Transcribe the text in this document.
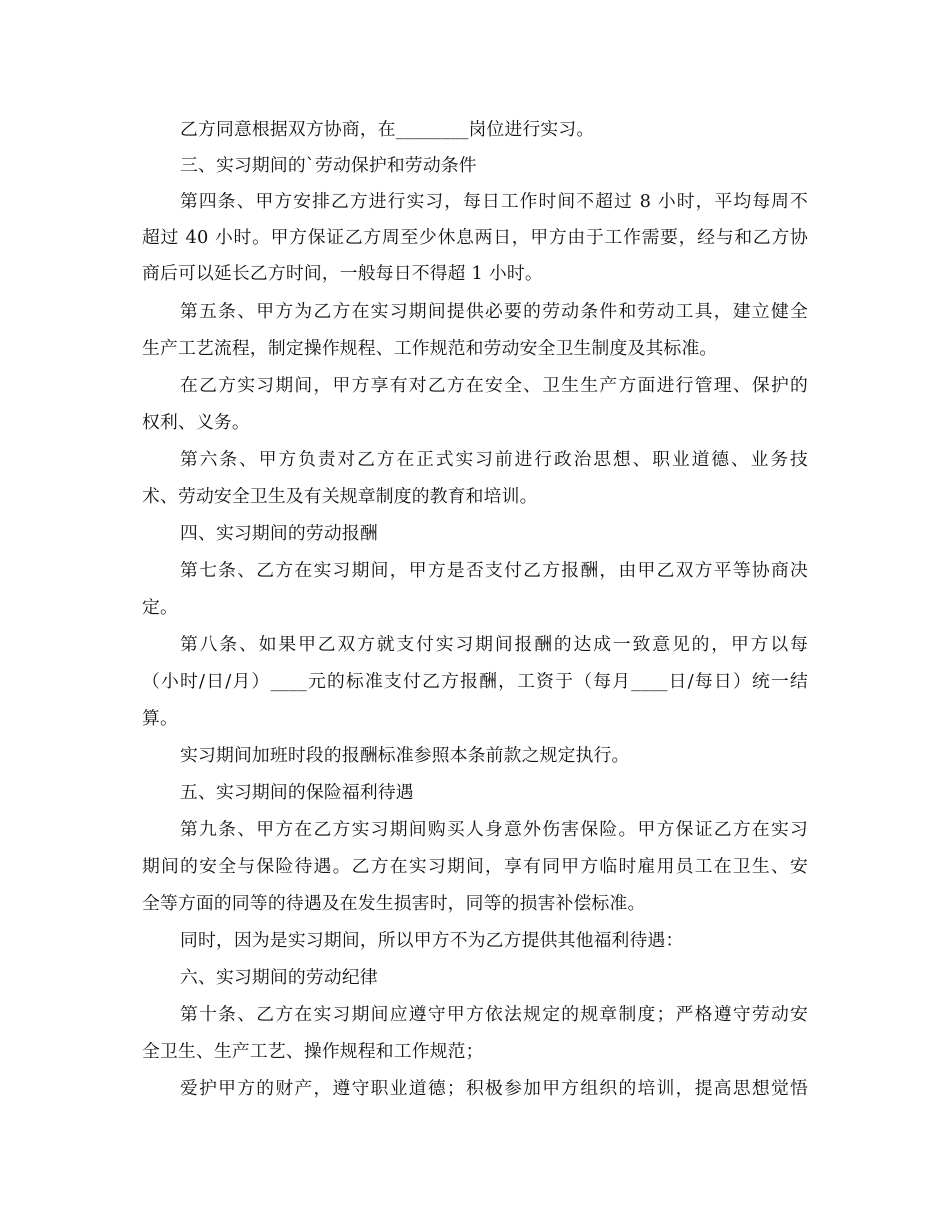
乙方同意根据双方协商，在________岗位进行实习。
三、实习期间的`劳动保护和劳动条件
第四条、甲方安排乙方进行实习，每日工作时间不超过 8 小时，平均每周不
超过 40 小时。甲方保证乙方周至少休息两日，甲方由于工作需要，经与和乙方协
商后可以延长乙方时间，一般每日不得超 1 小时。
第五条、甲方为乙方在实习期间提供必要的劳动条件和劳动工具，建立健全
生产工艺流程，制定操作规程、工作规范和劳动安全卫生制度及其标准。
在乙方实习期间，甲方享有对乙方在安全、卫生生产方面进行管理、保护的
权利、义务。
第六条、甲方负责对乙方在正式实习前进行政治思想、职业道德、业务技
术、劳动安全卫生及有关规章制度的教育和培训。
四、实习期间的劳动报酬
第七条、乙方在实习期间，甲方是否支付乙方报酬，由甲乙双方平等协商决
定。
第八条、如果甲乙双方就支付实习期间报酬的达成一致意见的，甲方以每
（小时/日/月）____元的标准支付乙方报酬，工资于（每月____日/每日）统一结
算。
实习期间加班时段的报酬标准参照本条前款之规定执行。
五、实习期间的保险福利待遇
第九条、甲方在乙方实习期间购买人身意外伤害保险。甲方保证乙方在实习
期间的安全与保险待遇。乙方在实习期间，享有同甲方临时雇用员工在卫生、安
全等方面的同等的待遇及在发生损害时，同等的损害补偿标准。
同时，因为是实习期间，所以甲方不为乙方提供其他福利待遇：
六、实习期间的劳动纪律
第十条、乙方在实习期间应遵守甲方依法规定的规章制度；严格遵守劳动安
全卫生、生产工艺、操作规程和工作规范；
爱护甲方的财产，遵守职业道德；积极参加甲方组织的培训，提高思想觉悟
